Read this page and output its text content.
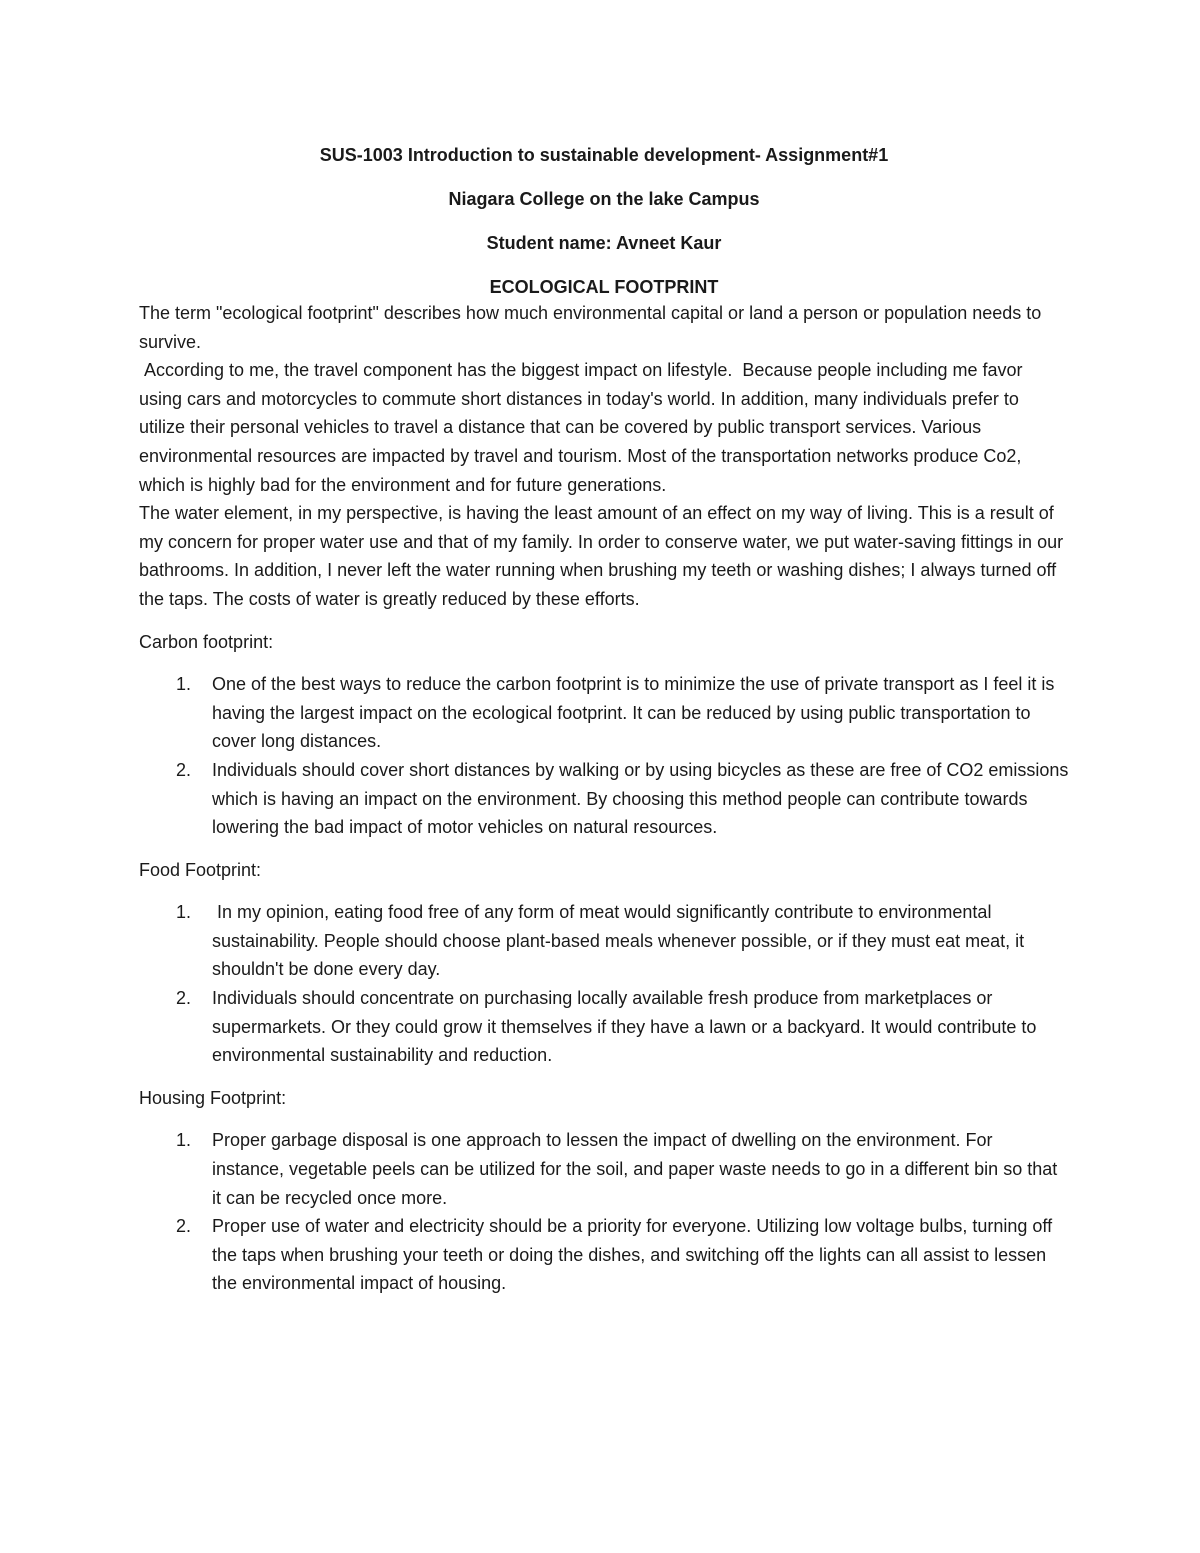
SUS-1003 Introduction to sustainable development- Assignment#1
Niagara College on the lake Campus
Student name: Avneet Kaur
ECOLOGICAL FOOTPRINT

The term "ecological footprint" describes how much environmental capital or land a person or population needs to survive.

According to me, the travel component has the biggest impact on lifestyle.  Because people including me favor using cars and motorcycles to commute short distances in today's world. In addition, many individuals prefer to utilize their personal vehicles to travel a distance that can be covered by public transport services. Various environmental resources are impacted by travel and tourism. Most of the transportation networks produce Co2, which is highly bad for the environment and for future generations.

The water element, in my perspective, is having the least amount of an effect on my way of living. This is a result of my concern for proper water use and that of my family. In order to conserve water, we put water-saving fittings in our bathrooms. In addition, I never left the water running when brushing my teeth or washing dishes; I always turned off the taps. The costs of water is greatly reduced by these efforts.

Carbon footprint:

1. One of the best ways to reduce the carbon footprint is to minimize the use of private transport as I feel it is having the largest impact on the ecological footprint. It can be reduced by using public transportation to cover long distances.
2. Individuals should cover short distances by walking or by using bicycles as these are free of CO2 emissions which is having an impact on the environment. By choosing this method people can contribute towards lowering the bad impact of motor vehicles on natural resources.

Food Footprint:

1. In my opinion, eating food free of any form of meat would significantly contribute to environmental sustainability. People should choose plant-based meals whenever possible, or if they must eat meat, it shouldn't be done every day.
2. Individuals should concentrate on purchasing locally available fresh produce from marketplaces or supermarkets. Or they could grow it themselves if they have a lawn or a backyard. It would contribute to environmental sustainability and reduction.

Housing Footprint:

1. Proper garbage disposal is one approach to lessen the impact of dwelling on the environment. For instance, vegetable peels can be utilized for the soil, and paper waste needs to go in a different bin so that it can be recycled once more.
2. Proper use of water and electricity should be a priority for everyone. Utilizing low voltage bulbs, turning off the taps when brushing your teeth or doing the dishes, and switching off the lights can all assist to lessen the environmental impact of housing.
